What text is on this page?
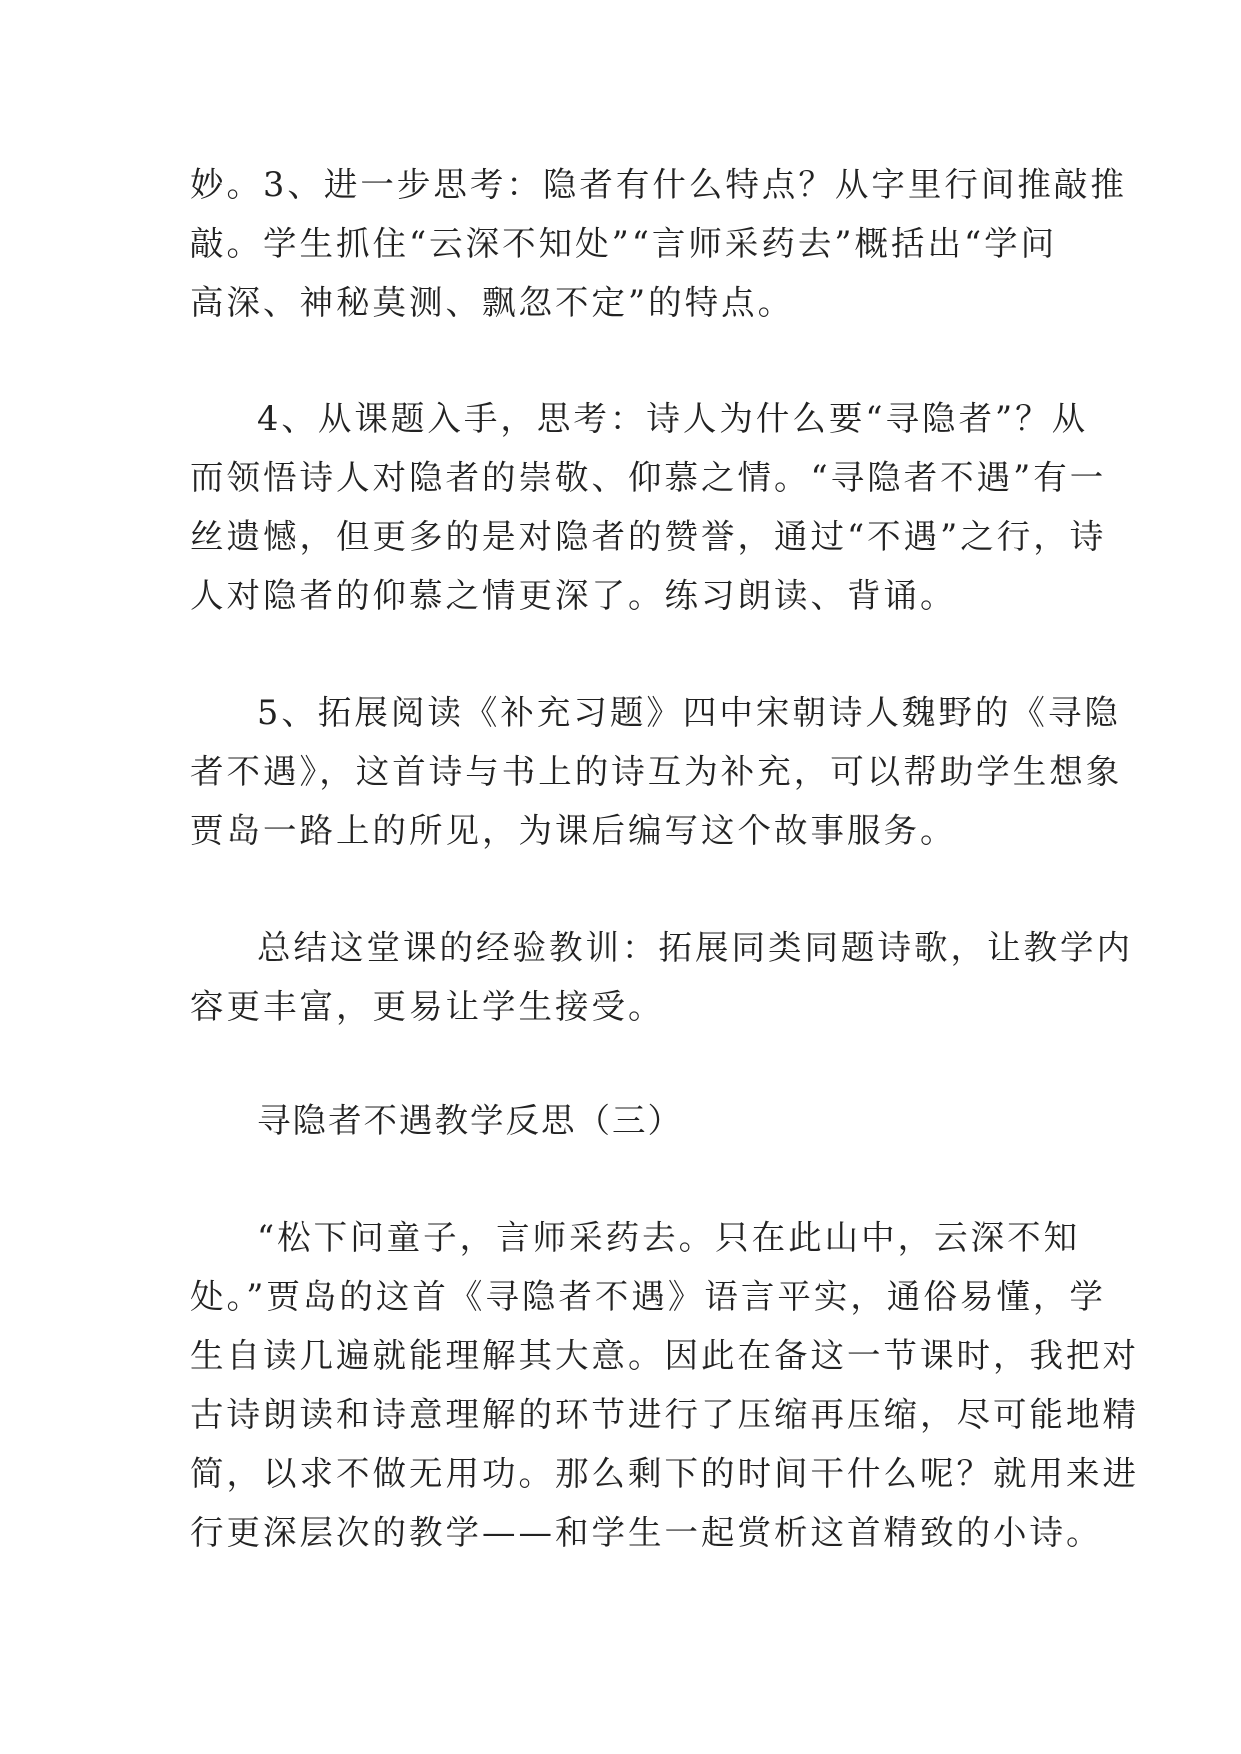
妙。3、进一步思考：隐者有什么特点？从字里行间推敲推
敲。学生抓住“云深不知处”“言师采药去”概括出“学问
高深、神秘莫测、飘忽不定”的特点。

4、从课题入手，思考：诗人为什么要“寻隐者”？从
而领悟诗人对隐者的崇敬、仰慕之情。“寻隐者不遇”有一
丝遗憾，但更多的是对隐者的赞誉，通过“不遇”之行，诗
人对隐者的仰慕之情更深了。练习朗读、背诵。

5、拓展阅读《补充习题》四中宋朝诗人魏野的《寻隐
者不遇》，这首诗与书上的诗互为补充，可以帮助学生想象
贾岛一路上的所见，为课后编写这个故事服务。

总结这堂课的经验教训：拓展同类同题诗歌，让教学内
容更丰富，更易让学生接受。

寻隐者不遇教学反思（三）

“松下问童子，言师采药去。只在此山中，云深不知
处。”贾岛的这首《寻隐者不遇》语言平实，通俗易懂，学
生自读几遍就能理解其大意。因此在备这一节课时，我把对
古诗朗读和诗意理解的环节进行了压缩再压缩，尽可能地精
简，以求不做无用功。那么剩下的时间干什么呢？就用来进
行更深层次的教学——和学生一起赏析这首精致的小诗。
